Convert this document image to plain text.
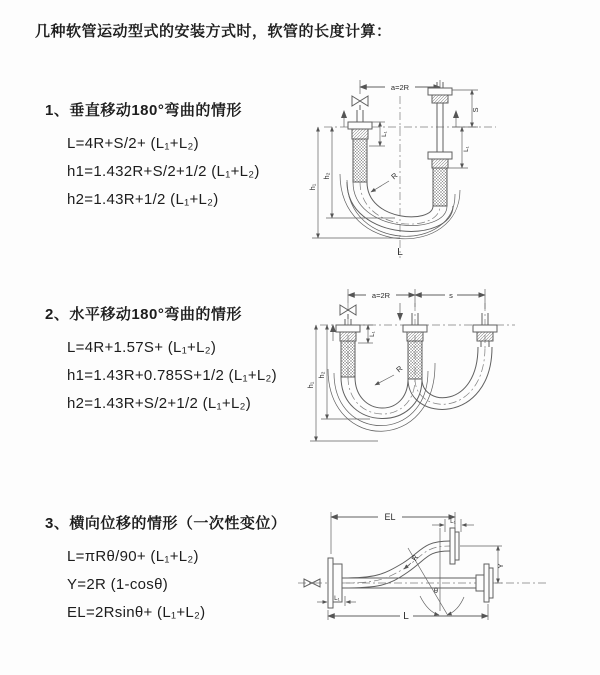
几种软管运动型式的安装方式时，软管的长度计算：
1、垂直移动180°弯曲的情形
L=4R+S/2+ (L₁+L₂)
h1=1.432R+S/2+1/2 (L₁+L₂)
h2=1.43R+1/2 (L₁+L₂)
2、水平移动180°弯曲的情形
L=4R+1.57S+ (L₁+L₂)
h1=1.43R+0.785S+1/2 (L₁+L₂)
h2=1.43R+S/2+1/2 (L₁+L₂)
3、横向位移的情形（一次性变位）
L=πRθ/90+ (L₁+L₂)
Y=2R (1-cosθ)
EL=2Rsinθ+ (L₁+L₂)
a=2R
h₁
h₂
L₁
S
L₁
R
L
a=2R	s
h₁
h₂
L₁
R
EL	L₁
Y
θ
R
L₁
L
